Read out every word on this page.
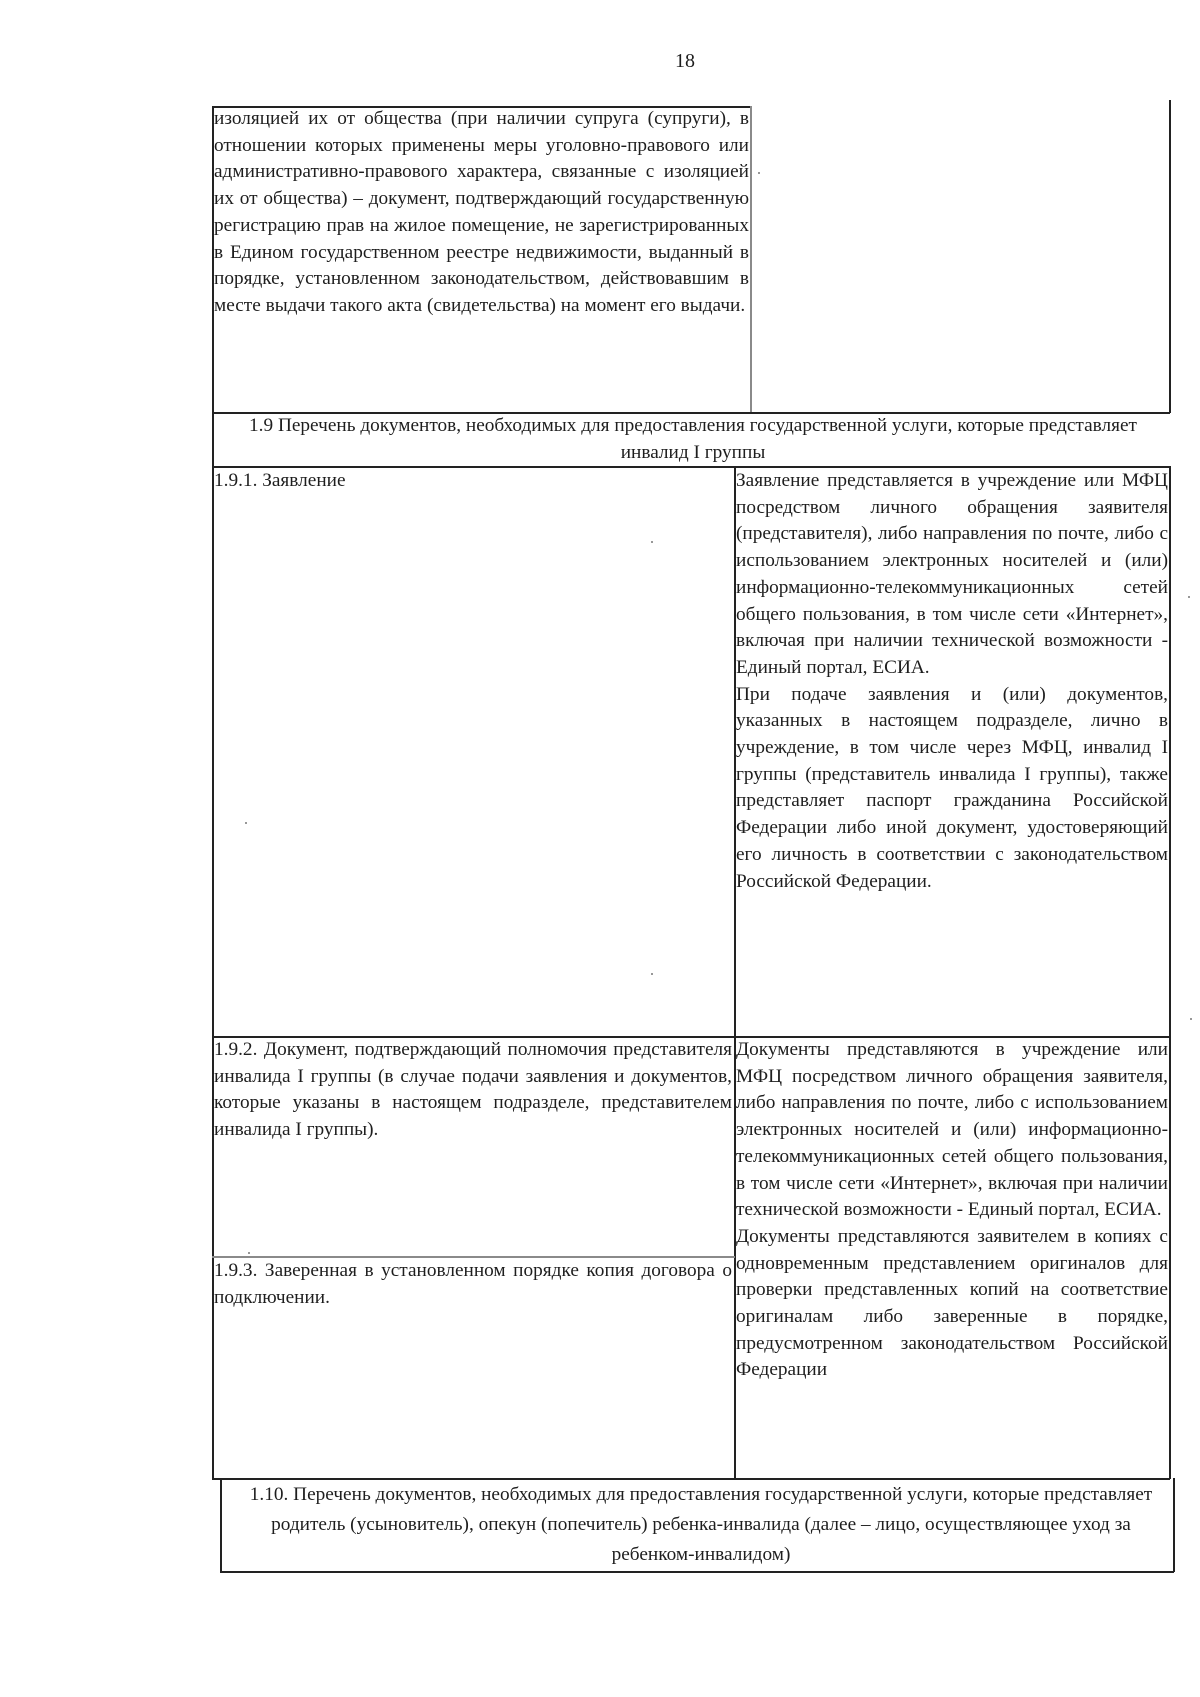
18
изоляцией их от общества (при наличии супруга (супруги), в отношении которых применены меры уголовно-правового или административно-правового характера, связанные с изоляцией их от общества) – документ, подтверждающий государственную регистрацию прав на жилое помещение, не зарегистрированных в Едином государственном реестре недвижимости, выданный в порядке, установленном законодательством, действовавшим в месте выдачи такого акта (свидетельства) на момент его выдачи.
1.9 Перечень документов, необходимых для предоставления государственной услуги, которые представляет инвалид I группы
1.9.1. Заявление	Заявление представляется в учреждение или МФЦ посредством личного обращения заявителя (представителя), либо направления по почте, либо с использованием электронных носителей и (или) информационно-телекоммуникационных сетей общего пользования, в том числе сети «Интернет», включая при наличии технической возможности - Единый портал, ЕСИА.
При подаче заявления и (или) документов, указанных в настоящем подразделе, лично в учреждение, в том числе через МФЦ, инвалид I группы (представитель инвалида I группы), также представляет паспорт гражданина Российской Федерации либо иной документ, удостоверяющий его личность в соответствии с законодательством Российской Федерации.
1.9.2. Документ, подтверждающий полномочия представителя инвалида I группы (в случае подачи заявления и документов, которые указаны в настоящем подразделе, представителем инвалида I группы).
1.9.3. Заверенная в установленном порядке копия договора о подключении.
Документы представляются в учреждение или МФЦ посредством личного обращения заявителя, либо направления по почте, либо с использованием электронных носителей и (или) информационно-телекоммуникационных сетей общего пользования, в том числе сети «Интернет», включая при наличии технической возможности - Единый портал, ЕСИА.
Документы представляются заявителем в копиях с одновременным представлением оригиналов для проверки представленных копий на соответствие оригиналам либо заверенные в порядке, предусмотренном законодательством Российской Федерации
1.10. Перечень документов, необходимых для предоставления государственной услуги, которые представляет родитель (усыновитель), опекун (попечитель) ребенка-инвалида (далее – лицо, осуществляющее уход за ребенком-инвалидом)
